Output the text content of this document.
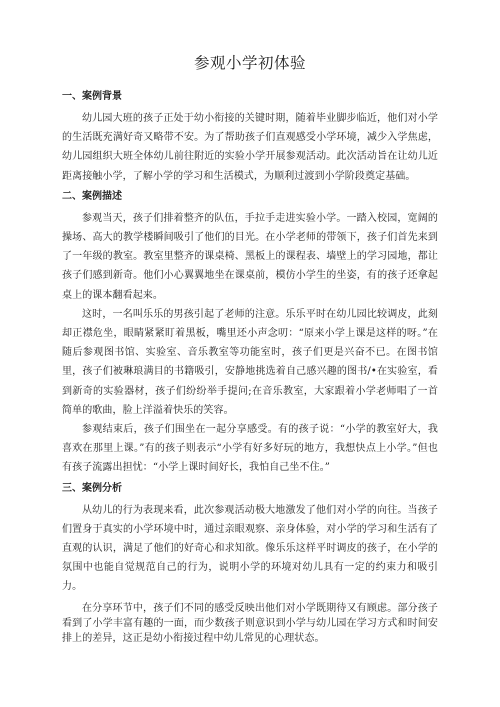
参观小学初体验
一、案例背景

幼儿园大班的孩子正处于幼小衔接的关键时期，随着毕业脚步临近，他们对小学的生活既充满好奇又略带不安。为了帮助孩子们直观感受小学环境，减少入学焦虑，幼儿园组织大班全体幼儿前往附近的实验小学开展参观活动。此次活动旨在让幼儿近距离接触小学，了解小学的学习和生活模式，为顺利过渡到小学阶段奠定基础。

二、案例描述

参观当天，孩子们排着整齐的队伍，手拉手走进实验小学。一踏入校园，宽阔的操场、高大的教学楼瞬间吸引了他们的目光。在小学老师的带领下，孩子们首先来到了一年级的教室。教室里整齐的课桌椅、黑板上的课程表、墙壁上的学习园地，都让孩子们感到新奇。他们小心翼翼地坐在课桌前，模仿小学生的坐姿，有的孩子还拿起桌上的课本翻看起来。

这时，一名叫乐乐的男孩引起了老师的注意。乐乐平时在幼儿园比较调皮，此刻却正襟危坐，眼睛紧紧盯着黑板，嘴里还小声念叨：“原来小学上课是这样的呀。”在随后参观图书馆、实验室、音乐教室等功能室时，孩子们更是兴奋不已。在图书馆里，孩子们被琳琅满目的书籍吸引，安静地挑选着自己感兴趣的图书/•在实验室，看到新奇的实验器材，孩子们纷纷举手提问;在音乐教室，大家跟着小学老师唱了一首简单的歌曲，脸上洋溢着快乐的笑容。

参观结束后，孩子们围坐在一起分享感受。有的孩子说：“小学的教室好大，我喜欢在那里上课。”有的孩子则表示“小学有好多好玩的地方，我想快点上小学。”但也有孩子流露出担忧：“小学上课时间好长，我怕自己坐不住。”

三、案例分析

从幼儿的行为表现来看，此次参观活动极大地激发了他们对小学的向往。当孩子们置身于真实的小学环境中时，通过亲眼观察、亲身体验，对小学的学习和生活有了直观的认识，满足了他们的好奇心和求知欲。像乐乐这样平时调皮的孩子，在小学的氛围中也能自觉规范自己的行为，说明小学的环境对幼儿具有一定的约束力和吸引力。

在分享环节中，孩子们不同的感受反映出他们对小学既期待又有顾虑。部分孩子看到了小学丰富有趣的一面，而少数孩子则意识到小学与幼儿园在学习方式和时间安排上的差异，这正是幼小衔接过程中幼儿常见的心理状态。
